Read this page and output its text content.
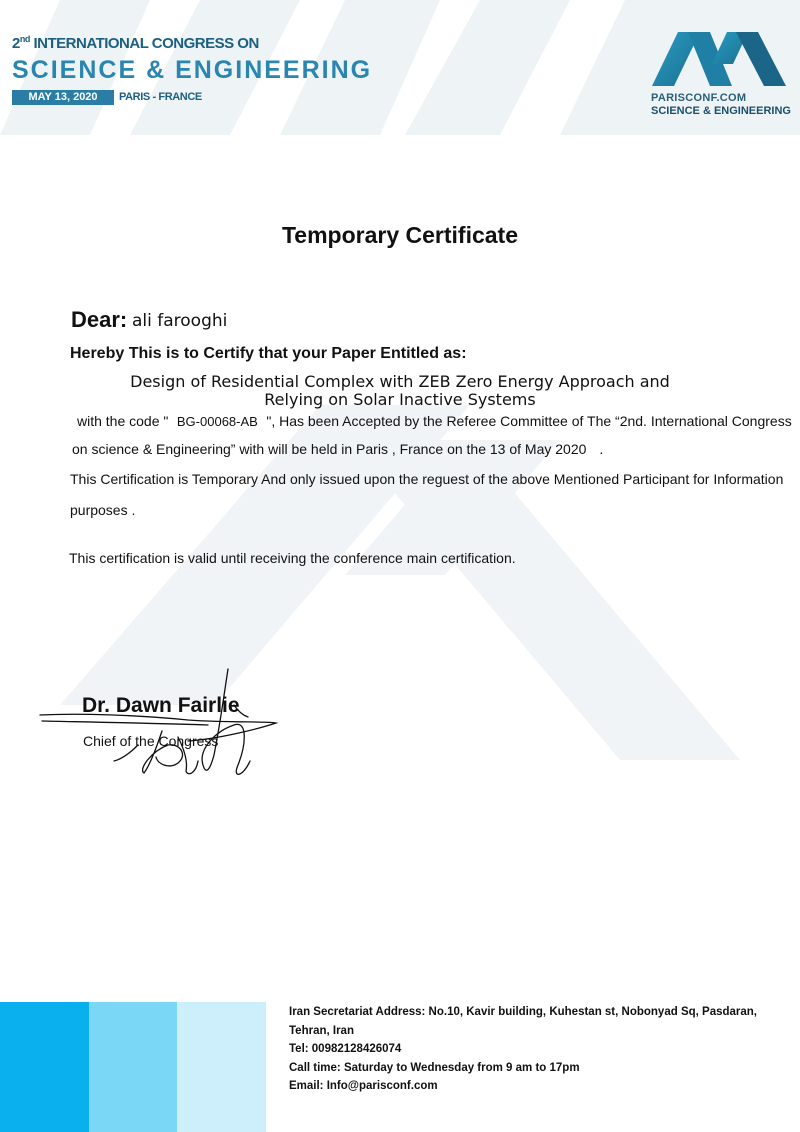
2nd INTERNATIONAL CONGRESS ON
SCIENCE & ENGINEERING
MAY 13, 2020	PARIS - FRANCE	PARISCONF.COM
SCIENCE & ENGINEERING
Temporary Certificate
Dear: ali farooghi
Hereby This is to Certify that your Paper Entitled as:
Design of Residential Complex with ZEB Zero Energy Approach and Relying on Solar Inactive Systems
with the code " BG-00068-AB ", Has been Accepted by the Referee Committee of The “2nd. International Congress
on science & Engineering” with will be held in Paris , France on the 13 of May 2020 .
This Certification is Temporary And only issued upon the reguest of the above Mentioned Participant for Information
purposes .
This certification is valid until receiving the conference main certification.
Dr. Dawn Fairlie
Chief of the Congress
Iran Secretariat Address: No.10, Kavir building, Kuhestan st, Nobonyad Sq, Pasdaran,
Tehran, Iran
Tel: 00982128426074
Call time: Saturday to Wednesday from 9 am to 17pm
Email: Info@parisconf.com
